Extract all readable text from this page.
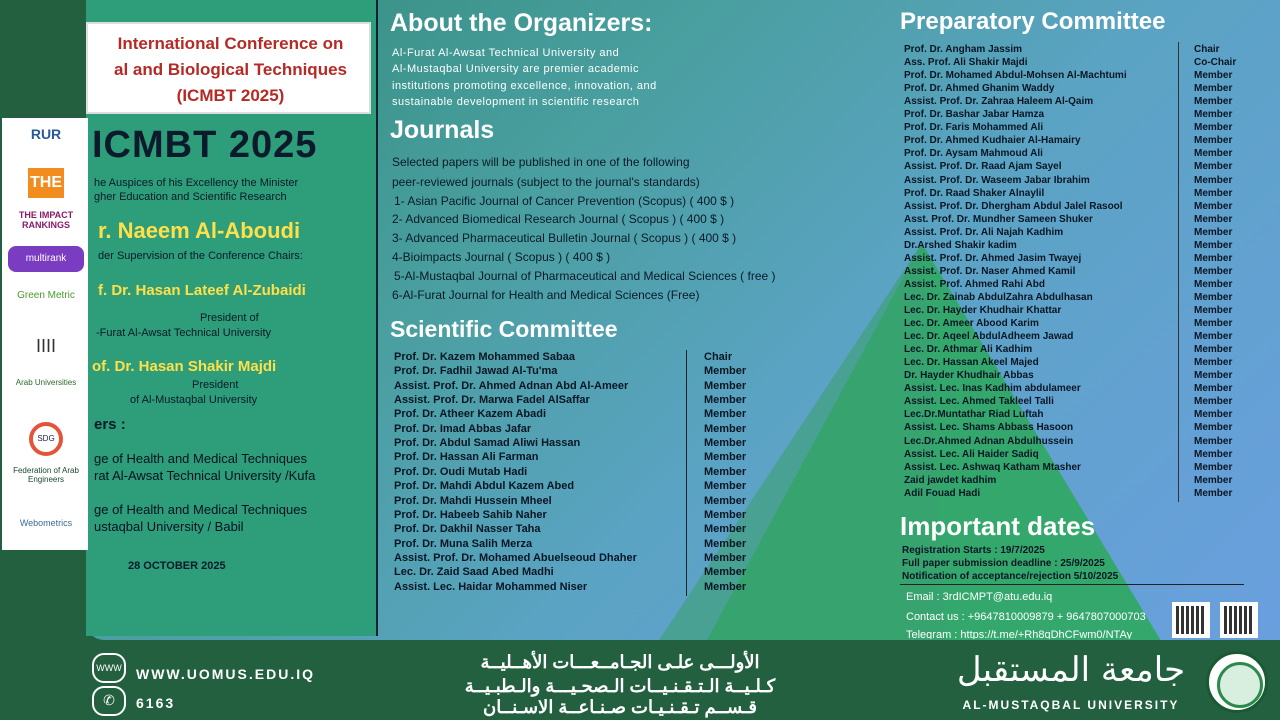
International Conference on
al and Biological Techniques
(ICMBT 2025)
RUR
THE
THE IMPACT RANKINGS
multirank
Green Metric
IIII
Arab Universities
SDG
Federation of Arab Engineers
Webometrics
ICMBT 2025
he Auspices of his Excellency the Minister
gher Education and Scientific Research
r. Naeem Al-Aboudi
der Supervision of the Conference Chairs:
f. Dr. Hasan Lateef Al-Zubaidi
President of
-Furat Al-Awsat Technical University
of. Dr. Hasan Shakir Majdi
President
of Al-Mustaqbal University
ers :
ge of Health and Medical Techniques
rat Al-Awsat Technical University /Kufa
ge of Health and Medical Techniques
ustaqbal University / Babil
28 OCTOBER 2025
About the Organizers:
Al-Furat Al-Awsat Technical University and
Al-Mustaqbal University are premier academic
institutions promoting excellence, innovation, and
sustainable development in scientific research
Journals
Selected papers will be published in one of the following
peer-reviewed journals (subject to the journal's standards)
1- Asian Pacific Journal of Cancer Prevention (Scopus) ( 400 $ )
2- Advanced Biomedical Research Journal ( Scopus ) ( 400 $ )
3- Advanced Pharmaceutical Bulletin Journal ( Scopus ) ( 400 $ )
4-Bioimpacts Journal ( Scopus ) ( 400 $ )
5-Al-Mustaqbal Journal of Pharmaceutical and Medical Sciences ( free )
6-Al-Furat Journal for Health and Medical Sciences (Free)
Scientific Committee
Preparatory Committee
Important dates
Registration Starts : 19/7/2025
Full paper submission deadline : 25/9/2025
Notification of acceptance/rejection 5/10/2025
Email : 3rdICMPT@atu.edu.iq
Contact us : +9647810009879 + 9647807000703
Telegram : https://t.me/+Rh8qDhCFwm0/NTAy
WWW	WWW.UOMUS.EDU.IQ
✆	6163
الأولـــى علـى الجـامــعـــات الأهــليــة
كـلـيــة الـتـقـنـيــات الـصحـيـــة والـطبـيــة
قـســم تـقـنـيـات صـنـاعــة الاسـنــان
جامعة المستقبل
AL-MUSTAQBAL UNIVERSITY
Prof. Dr. Kazem Mohammed Sabaa	Chair
Prof. Dr. Fadhil Jawad Al-Tu'ma	Member
Assist. Prof. Dr. Ahmed Adnan Abd Al-Ameer	Member
Assist. Prof. Dr. Marwa Fadel AlSaffar	Member
Prof. Dr. Atheer Kazem Abadi	Member
Prof. Dr. Imad Abbas Jafar	Member
Prof. Dr. Abdul Samad Aliwi Hassan	Member
Prof. Dr. Hassan Ali Farman	Member
Prof. Dr. Oudi Mutab Hadi	Member
Prof. Dr. Mahdi Abdul Kazem Abed	Member
Prof. Dr. Mahdi Hussein Mheel	Member
Prof. Dr. Habeeb Sahib Naher	Member
Prof. Dr. Dakhil Nasser Taha	Member
Prof. Dr. Muna Salih Merza	Member
Assist. Prof. Dr. Mohamed Abuelseoud Dhaher	Member
Lec. Dr. Zaid Saad Abed Madhi	Member
Assist. Lec. Haidar Mohammed Niser	Member
Prof. Dr. Angham Jassim	Chair
Ass. Prof. Ali Shakir Majdi	Co-Chair
Prof. Dr. Mohamed Abdul-Mohsen Al-Machtumi	Member
Prof. Dr. Ahmed Ghanim Waddy	Member
Assist. Prof. Dr. Zahraa Haleem Al-Qaim	Member
Prof. Dr. Bashar Jabar Hamza	Member
Prof. Dr. Faris Mohammed Ali	Member
Prof. Dr. Ahmed Kudhaier Al-Hamairy	Member
Prof. Dr. Aysam Mahmoud Ali	Member
Assist. Prof. Dr. Raad Ajam Sayel	Member
Assist. Prof. Dr. Waseem Jabar Ibrahim	Member
Prof. Dr. Raad Shaker Alnaylil	Member
Assist. Prof. Dr. Dhergham Abdul Jalel Rasool	Member
Asst. Prof. Dr. Mundher Sameen Shuker	Member
Assist. Prof. Dr. Ali Najah Kadhim	Member
Dr.Arshed Shakir kadim	Member
Assist. Prof. Dr. Ahmed Jasim Twayej	Member
Assist. Prof. Dr. Naser Ahmed Kamil	Member
Assist. Prof. Ahmed Rahi Abd	Member
Lec. Dr. Zainab AbdulZahra Abdulhasan	Member
Lec. Dr. Hayder Khudhair Khattar	Member
Lec. Dr. Ameer Abood Karim	Member
Lec. Dr. Aqeel AbdulAdheem Jawad	Member
Lec. Dr. Athmar Ali Kadhim	Member
Lec. Dr. Hassan Akeel Majed	Member
Dr. Hayder Khudhair Abbas	Member
Assist. Lec. Inas Kadhim abdulameer	Member
Assist. Lec. Ahmed Takleel Talli	Member
Lec.Dr.Muntathar Riad Luftah	Member
Assist. Lec. Shams Abbass Hasoon	Member
Lec.Dr.Ahmed Adnan Abdulhussein	Member
Assist. Lec. Ali Haider Sadiq	Member
Assist. Lec. Ashwaq Katham Mtasher	Member
Zaid jawdet kadhim	Member
Adil Fouad Hadi	Member
